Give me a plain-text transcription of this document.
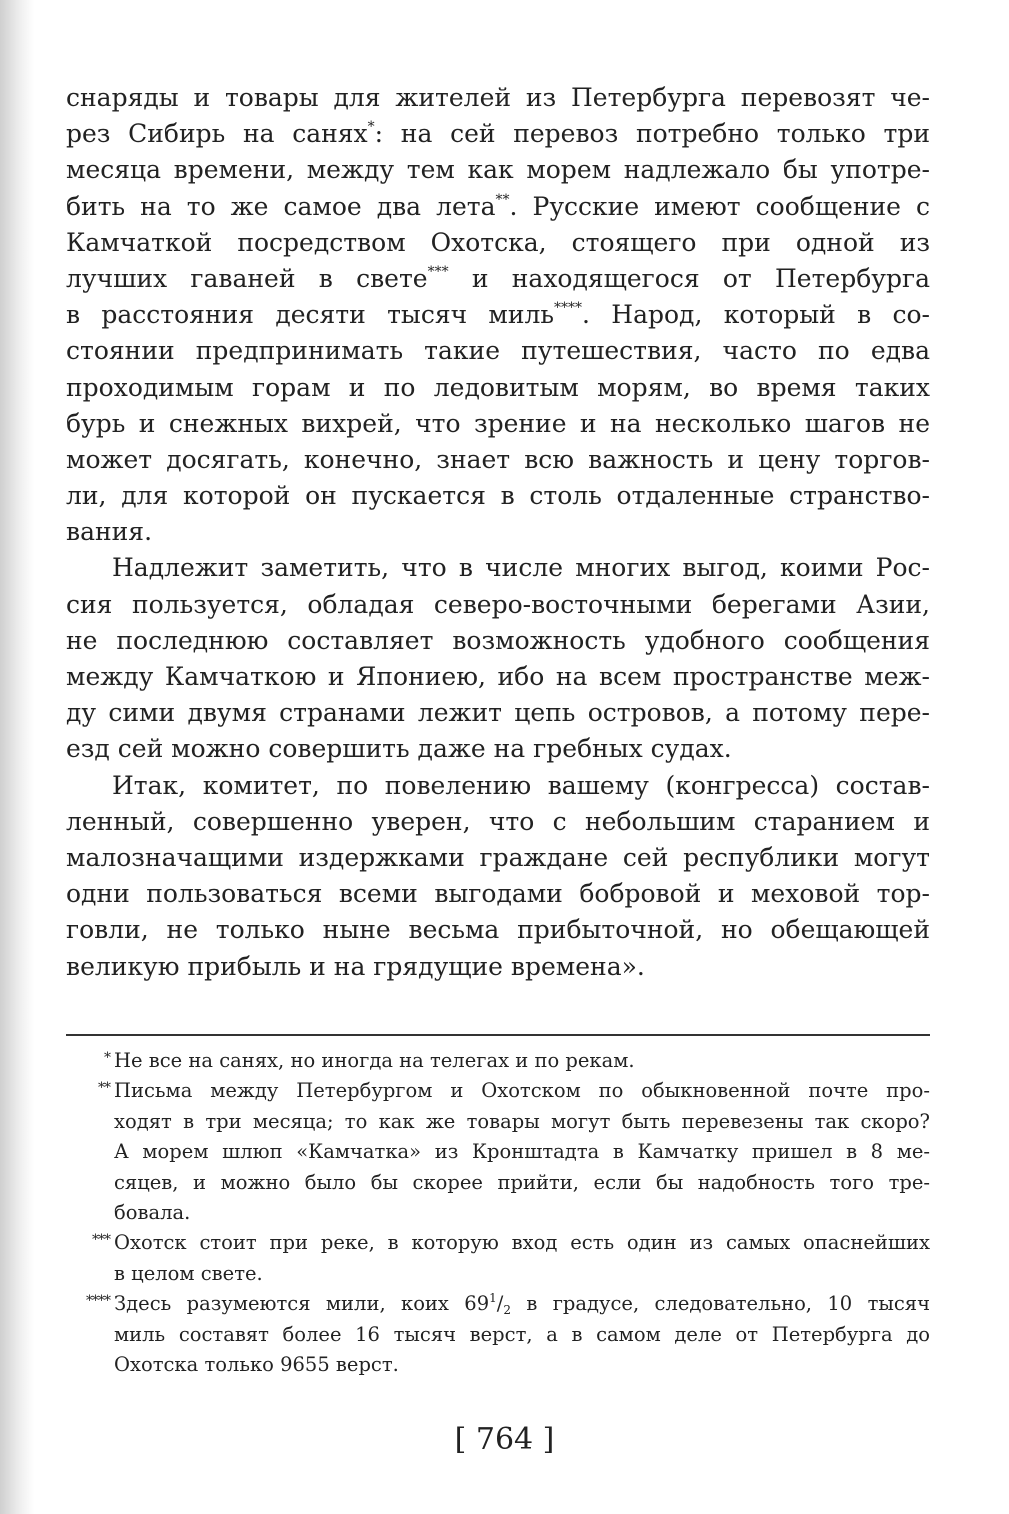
снаряды и товары для жителей из Петербурга перевозят че-
рез Сибирь на санях*: на сей перевоз потребно только три
месяца времени, между тем как морем надлежало бы употре-
бить на то же самое два лета**. Русские имеют сообщение с
Камчаткой посредством Охотска, стоящего при одной из
лучших гаваней в свете*** и находящегося от Петербурга
в расстояния десяти тысяч миль****. Народ, который в со-
стоянии предпринимать такие путешествия, часто по едва
проходимым горам и по ледовитым морям, во время таких
бурь и снежных вихрей, что зрение и на несколько шагов не
может досягать, конечно, знает всю важность и цену торгов-
ли, для которой он пускается в столь отдаленные странство-
вания.
Надлежит заметить, что в числе многих выгод, коими Рос-
сия пользуется, обладая северо-восточными берегами Азии,
не последнюю составляет возможность удобного сообщения
между Камчаткою и Япониею, ибо на всем пространстве меж-
ду сими двумя странами лежит цепь островов, а потому пере-
езд сей можно совершить даже на гребных судах.
Итак, комитет, по повелению вашему (конгресса) состав-
ленный, совершенно уверен, что с небольшим старанием и
малозначащими издержками граждане сей республики могут
одни пользоваться всеми выгодами бобровой и меховой тор-
говли, не только ныне весьма прибыточной, но обещающей
великую прибыль и на грядущие времена».
* Не все на санях, но иногда на телегах и по рекам.
** Письма между Петербургом и Охотском по обыкновенной почте про-
ходят в три месяца; то как же товары могут быть перевезены так скоро?
А морем шлюп «Камчатка» из Кронштадта в Камчатку пришел в 8 ме-
сяцев, и можно было бы скорее прийти, если бы надобность того тре-
бовала.
*** Охотск стоит при реке, в которую вход есть один из самых опаснейших
в целом свете.
**** Здесь разумеются мили, коих $69^1/_2$ в градусе, следовательно, 10 тысяч
миль составят более 16 тысяч верст, а в самом деле от Петербурга до
Охотска только 9655 верст.
[ 764 ]
